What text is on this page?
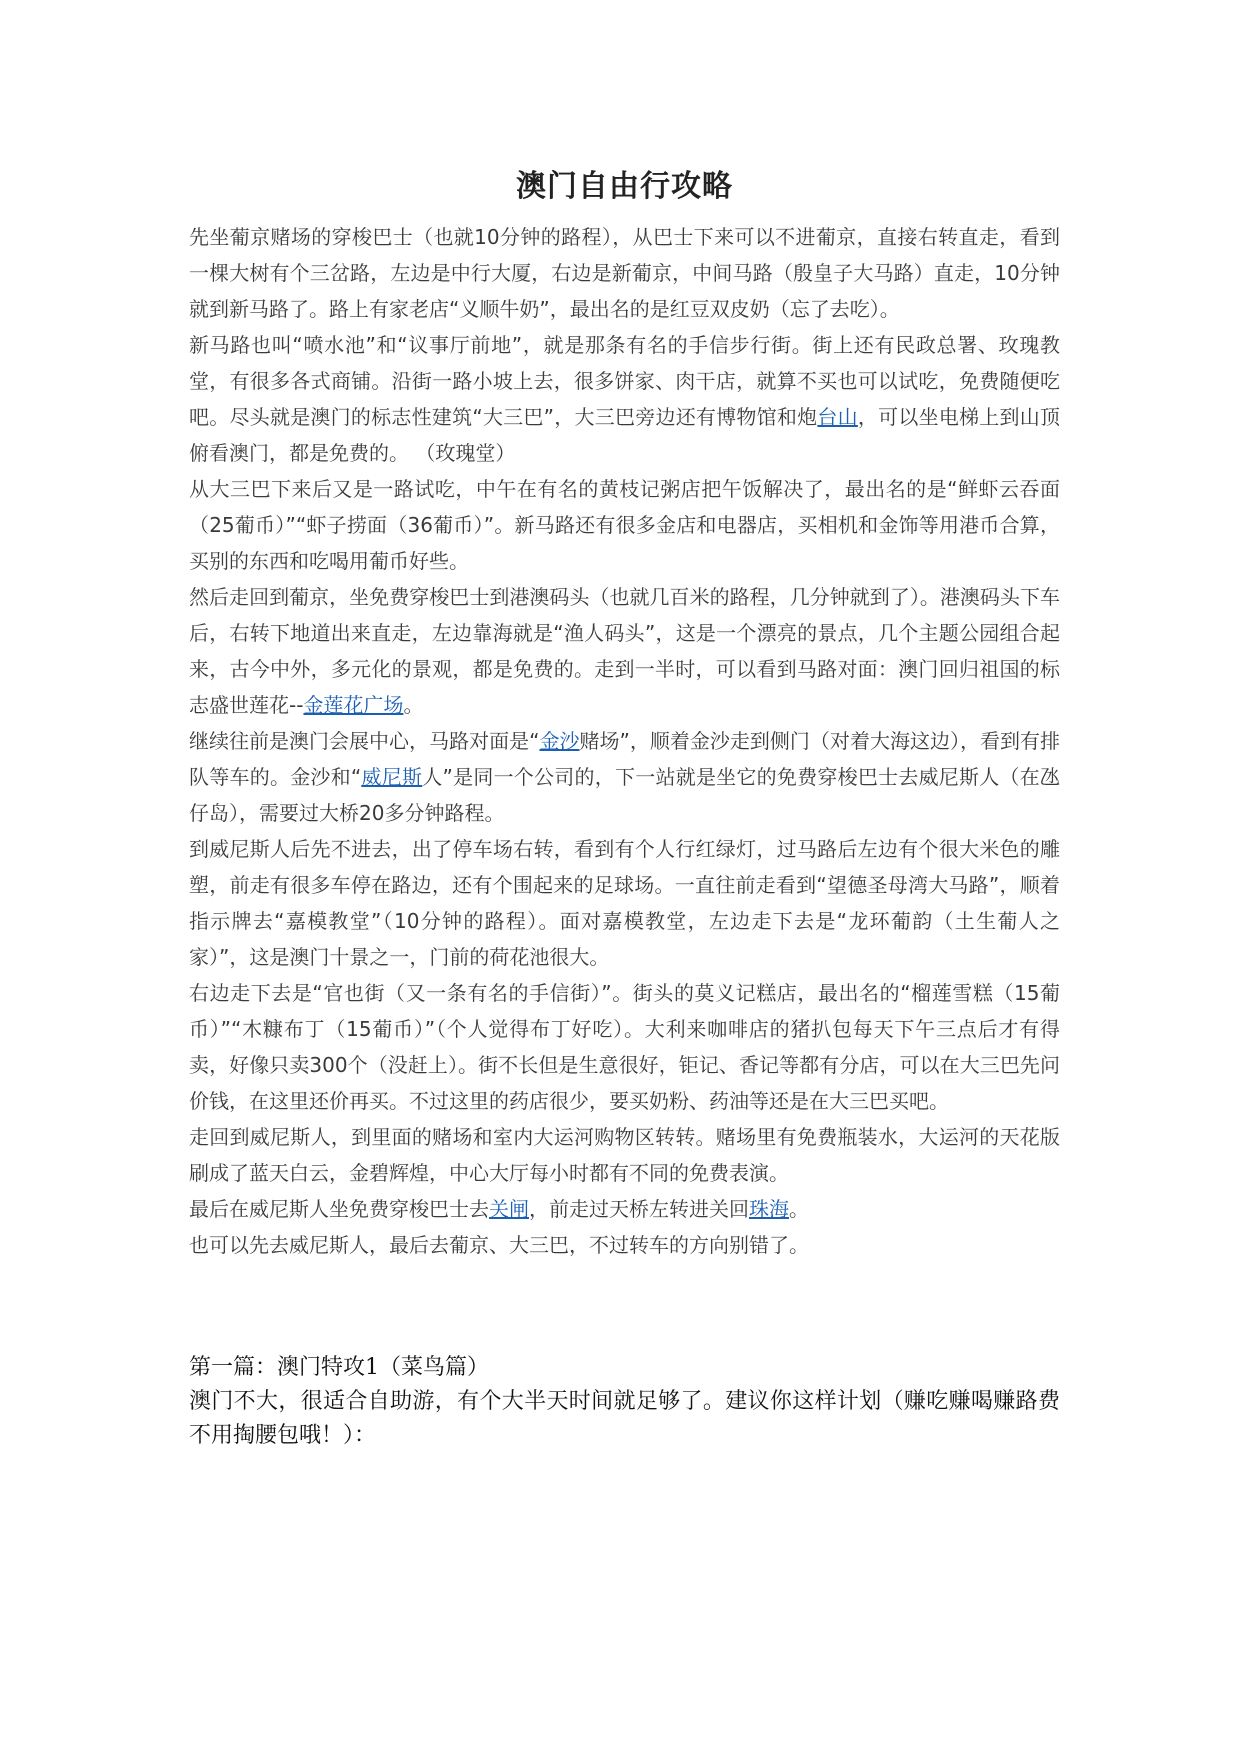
澳门自由行攻略

先坐葡京赌场的穿梭巴士（也就10分钟的路程），从巴士下来可以不进葡京，直接右转直走，看到一棵大树有个三岔路，左边是中行大厦，右边是新葡京，中间马路（殷皇子大马路）直走，10分钟就到新马路了。路上有家老店“义顺牛奶”，最出名的是红豆双皮奶（忘了去吃）。

新马路也叫“喷水池”和“议事厅前地”，就是那条有名的手信步行街。街上还有民政总署、玫瑰教堂，有很多各式商铺。沿街一路小坡上去，很多饼家、肉干店，就算不买也可以试吃，免费随便吃吧。尽头就是澳门的标志性建筑“大三巴”，大三巴旁边还有博物馆和炮台山，可以坐电梯上到山顶俯看澳门，都是免费的。 （玫瑰堂）

从大三巴下来后又是一路试吃，中午在有名的黄枝记粥店把午饭解决了，最出名的是“鲜虾云吞面（25葡币）”“虾子捞面（36葡币）”。新马路还有很多金店和电器店，买相机和金饰等用港币合算，买别的东西和吃喝用葡币好些。

然后走回到葡京，坐免费穿梭巴士到港澳码头（也就几百米的路程，几分钟就到了）。港澳码头下车后，右转下地道出来直走，左边靠海就是“渔人码头”，这是一个漂亮的景点，几个主题公园组合起来，古今中外，多元化的景观，都是免费的。走到一半时，可以看到马路对面：澳门回归祖国的标志盛世莲花--金莲花广场。

继续往前是澳门会展中心，马路对面是“金沙赌场”，顺着金沙走到侧门（对着大海这边），看到有排队等车的。金沙和“威尼斯人”是同一个公司的，下一站就是坐它的免费穿梭巴士去威尼斯人（在氹仔岛），需要过大桥20多分钟路程。

到威尼斯人后先不进去，出了停车场右转，看到有个人行红绿灯，过马路后左边有个很大米色的雕塑，前走有很多车停在路边，还有个围起来的足球场。一直往前走看到“望德圣母湾大马路”，顺着指示牌去“嘉模教堂”（10分钟的路程）。面对嘉模教堂，左边走下去是“龙环葡韵（土生葡人之家）”，这是澳门十景之一，门前的荷花池很大。

右边走下去是“官也街（又一条有名的手信街）”。街头的莫义记糕店，最出名的“榴莲雪糕（15葡币）”“木糠布丁（15葡币）”（个人觉得布丁好吃）。大利来咖啡店的猪扒包每天下午三点后才有得卖，好像只卖300个（没赶上）。街不长但是生意很好，钜记、香记等都有分店，可以在大三巴先问价钱，在这里还价再买。不过这里的药店很少，要买奶粉、药油等还是在大三巴买吧。

走回到威尼斯人，到里面的赌场和室内大运河购物区转转。赌场里有免费瓶装水，大运河的天花版刷成了蓝天白云，金碧辉煌，中心大厅每小时都有不同的免费表演。

最后在威尼斯人坐免费穿梭巴士去关闸，前走过天桥左转进关回珠海。

也可以先去威尼斯人，最后去葡京、大三巴，不过转车的方向别错了。

第一篇：澳门特攻1（菜鸟篇）

澳门不大，很适合自助游，有个大半天时间就足够了。建议你这样计划（赚吃赚喝赚路费不用掏腰包哦！）：
